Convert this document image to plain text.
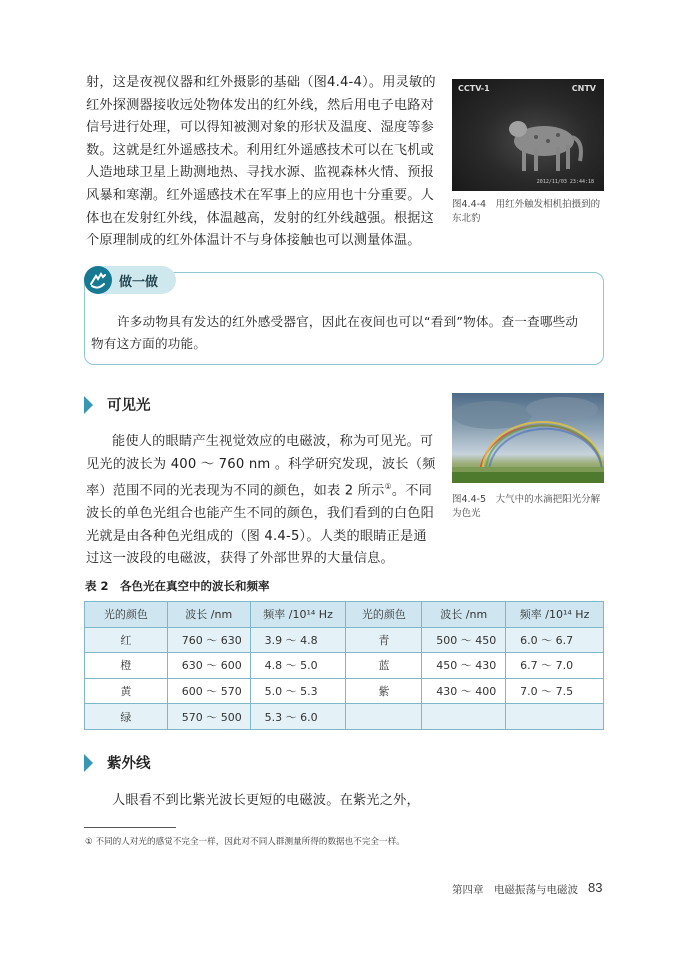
射，这是夜视仪器和红外摄影的基础（图4.4-4）。用灵敏的红外探测器接收远处物体发出的红外线，然后用电子电路对信号进行处理，可以得知被测对象的形状及温度、湿度等参数。这就是红外遥感技术。利用红外遥感技术可以在飞机或人造地球卫星上勘测地热、寻找水源、监视森林火情、预报风暴和寒潮。红外遥感技术在军事上的应用也十分重要。人体也在发射红外线，体温越高，发射的红外线越强。根据这个原理制成的红外体温计不与身体接触也可以测量体温。
CCTV-1	CNTV
2012/11/03 23:44:18
图4.4-4　用红外触发相机拍摄到的东北豹
做一做
许多动物具有发达的红外感受器官，因此在夜间也可以“看到”物体。查一查哪些动物有这方面的功能。
可见光
能使人的眼睛产生视觉效应的电磁波，称为可见光。可见光的波长为 400 ～ 760 nm 。科学研究发现，波长（频率）范围不同的光表现为不同的颜色，如表 2 所示①。不同波长的单色光组合也能产生不同的颜色，我们看到的白色阳光就是由各种色光组成的（图 4.4-5）。人类的眼睛正是通过这一波段的电磁波，获得了外部世界的大量信息。
图4.4-5　大气中的水滴把阳光分解为色光
表 2　各色光在真空中的波长和频率
光的颜色	波长 /nm	频率 /10¹⁴ Hz	光的颜色	波长 /nm	频率 /10¹⁴ Hz
红	760 ～ 630	3.9 ～ 4.8	青	500 ～ 450	6.0 ～ 6.7
橙	630 ～ 600	4.8 ～ 5.0	蓝	450 ～ 430	6.7 ～ 7.0
黄	600 ～ 570	5.0 ～ 5.3	紫	430 ～ 400	7.0 ～ 7.5
绿	570 ～ 500	5.3 ～ 6.0			
紫外线
人眼看不到比紫光波长更短的电磁波。在紫光之外，
① 不同的人对光的感觉不完全一样，因此对不同人群测量所得的数据也不完全一样。
第四章　电磁振荡与电磁波 83
